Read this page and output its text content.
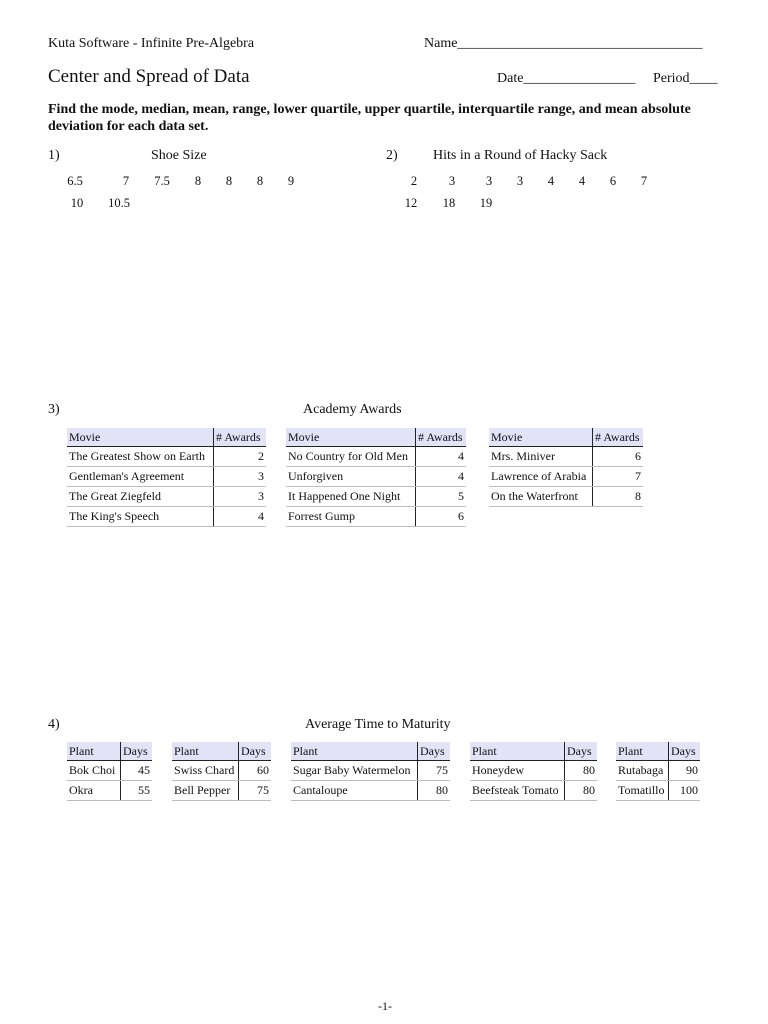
Kuta Software - Infinite Pre-Algebra	Name___________________________________
Center and Spread of Data	Date________________ Period____
Find the mode, median, mean, range, lower quartile, upper quartile, interquartile range, and mean absolute deviation for each data set.
1)	Shoe Size
6.5	7	7.5	8	8	8	9
10	10.5
2)	Hits in a Round of Hacky Sack
2	3	3	3	4	4	6	7
12	18	19
3)	Academy Awards
Movie	# Awards
The Greatest Show on Earth	2
Gentleman's Agreement	3
The Great Ziegfeld	3
The King's Speech	4
Movie	# Awards
No Country for Old Men	4
Unforgiven	4
It Happened One Night	5
Forrest Gump	6
Movie	# Awards
Mrs. Miniver	6
Lawrence of Arabia	7
On the Waterfront	8
4)	Average Time to Maturity
Plant	Days
Bok Choi	45
Okra	55
Plant	Days
Swiss Chard	60
Bell Pepper	75
Plant	Days
Sugar Baby Watermelon	75
Cantaloupe	80
Plant	Days
Honeydew	80
Beefsteak Tomato	80
Plant	Days
Rutabaga	90
Tomatillo	100
-1-
